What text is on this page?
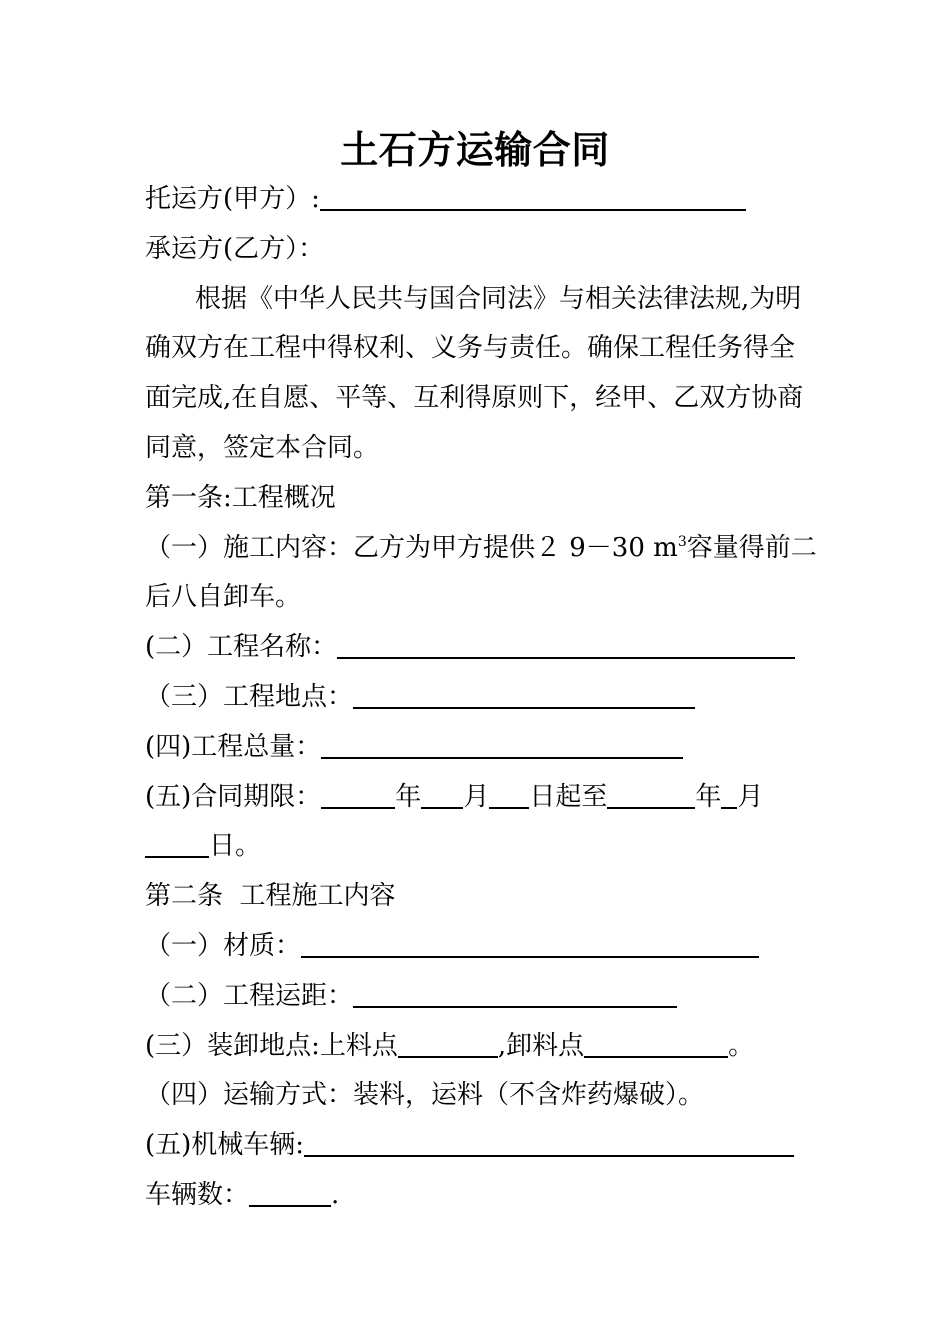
土石方运输合同
托运方(甲方）:
承运方(乙方）：
根据《中华人民共与国合同法》与相关法律法规,为明
确双方在工程中得权利、义务与责任。确保工程任务得全
面完成,在自愿、平等、互利得原则下，经甲、乙双方协商
同意，签定本合同。
第一条:工程概况
（一）施工内容：乙方为甲方提供２ 9－30 $m^3$容量得前二
后八自卸车。
(二）工程名称：
（三）工程地点：
(四)工程总量：
(五)合同期限：	年 月 日起至	年 月
日。
第二条  工程施工内容
（一）材质：
（二）工程运距：
(三）装卸地点:上料点	,卸料点	。
（四）运输方式：装料，运料（不含炸药爆破）。
(五)机械车辆:
车辆数：	.
